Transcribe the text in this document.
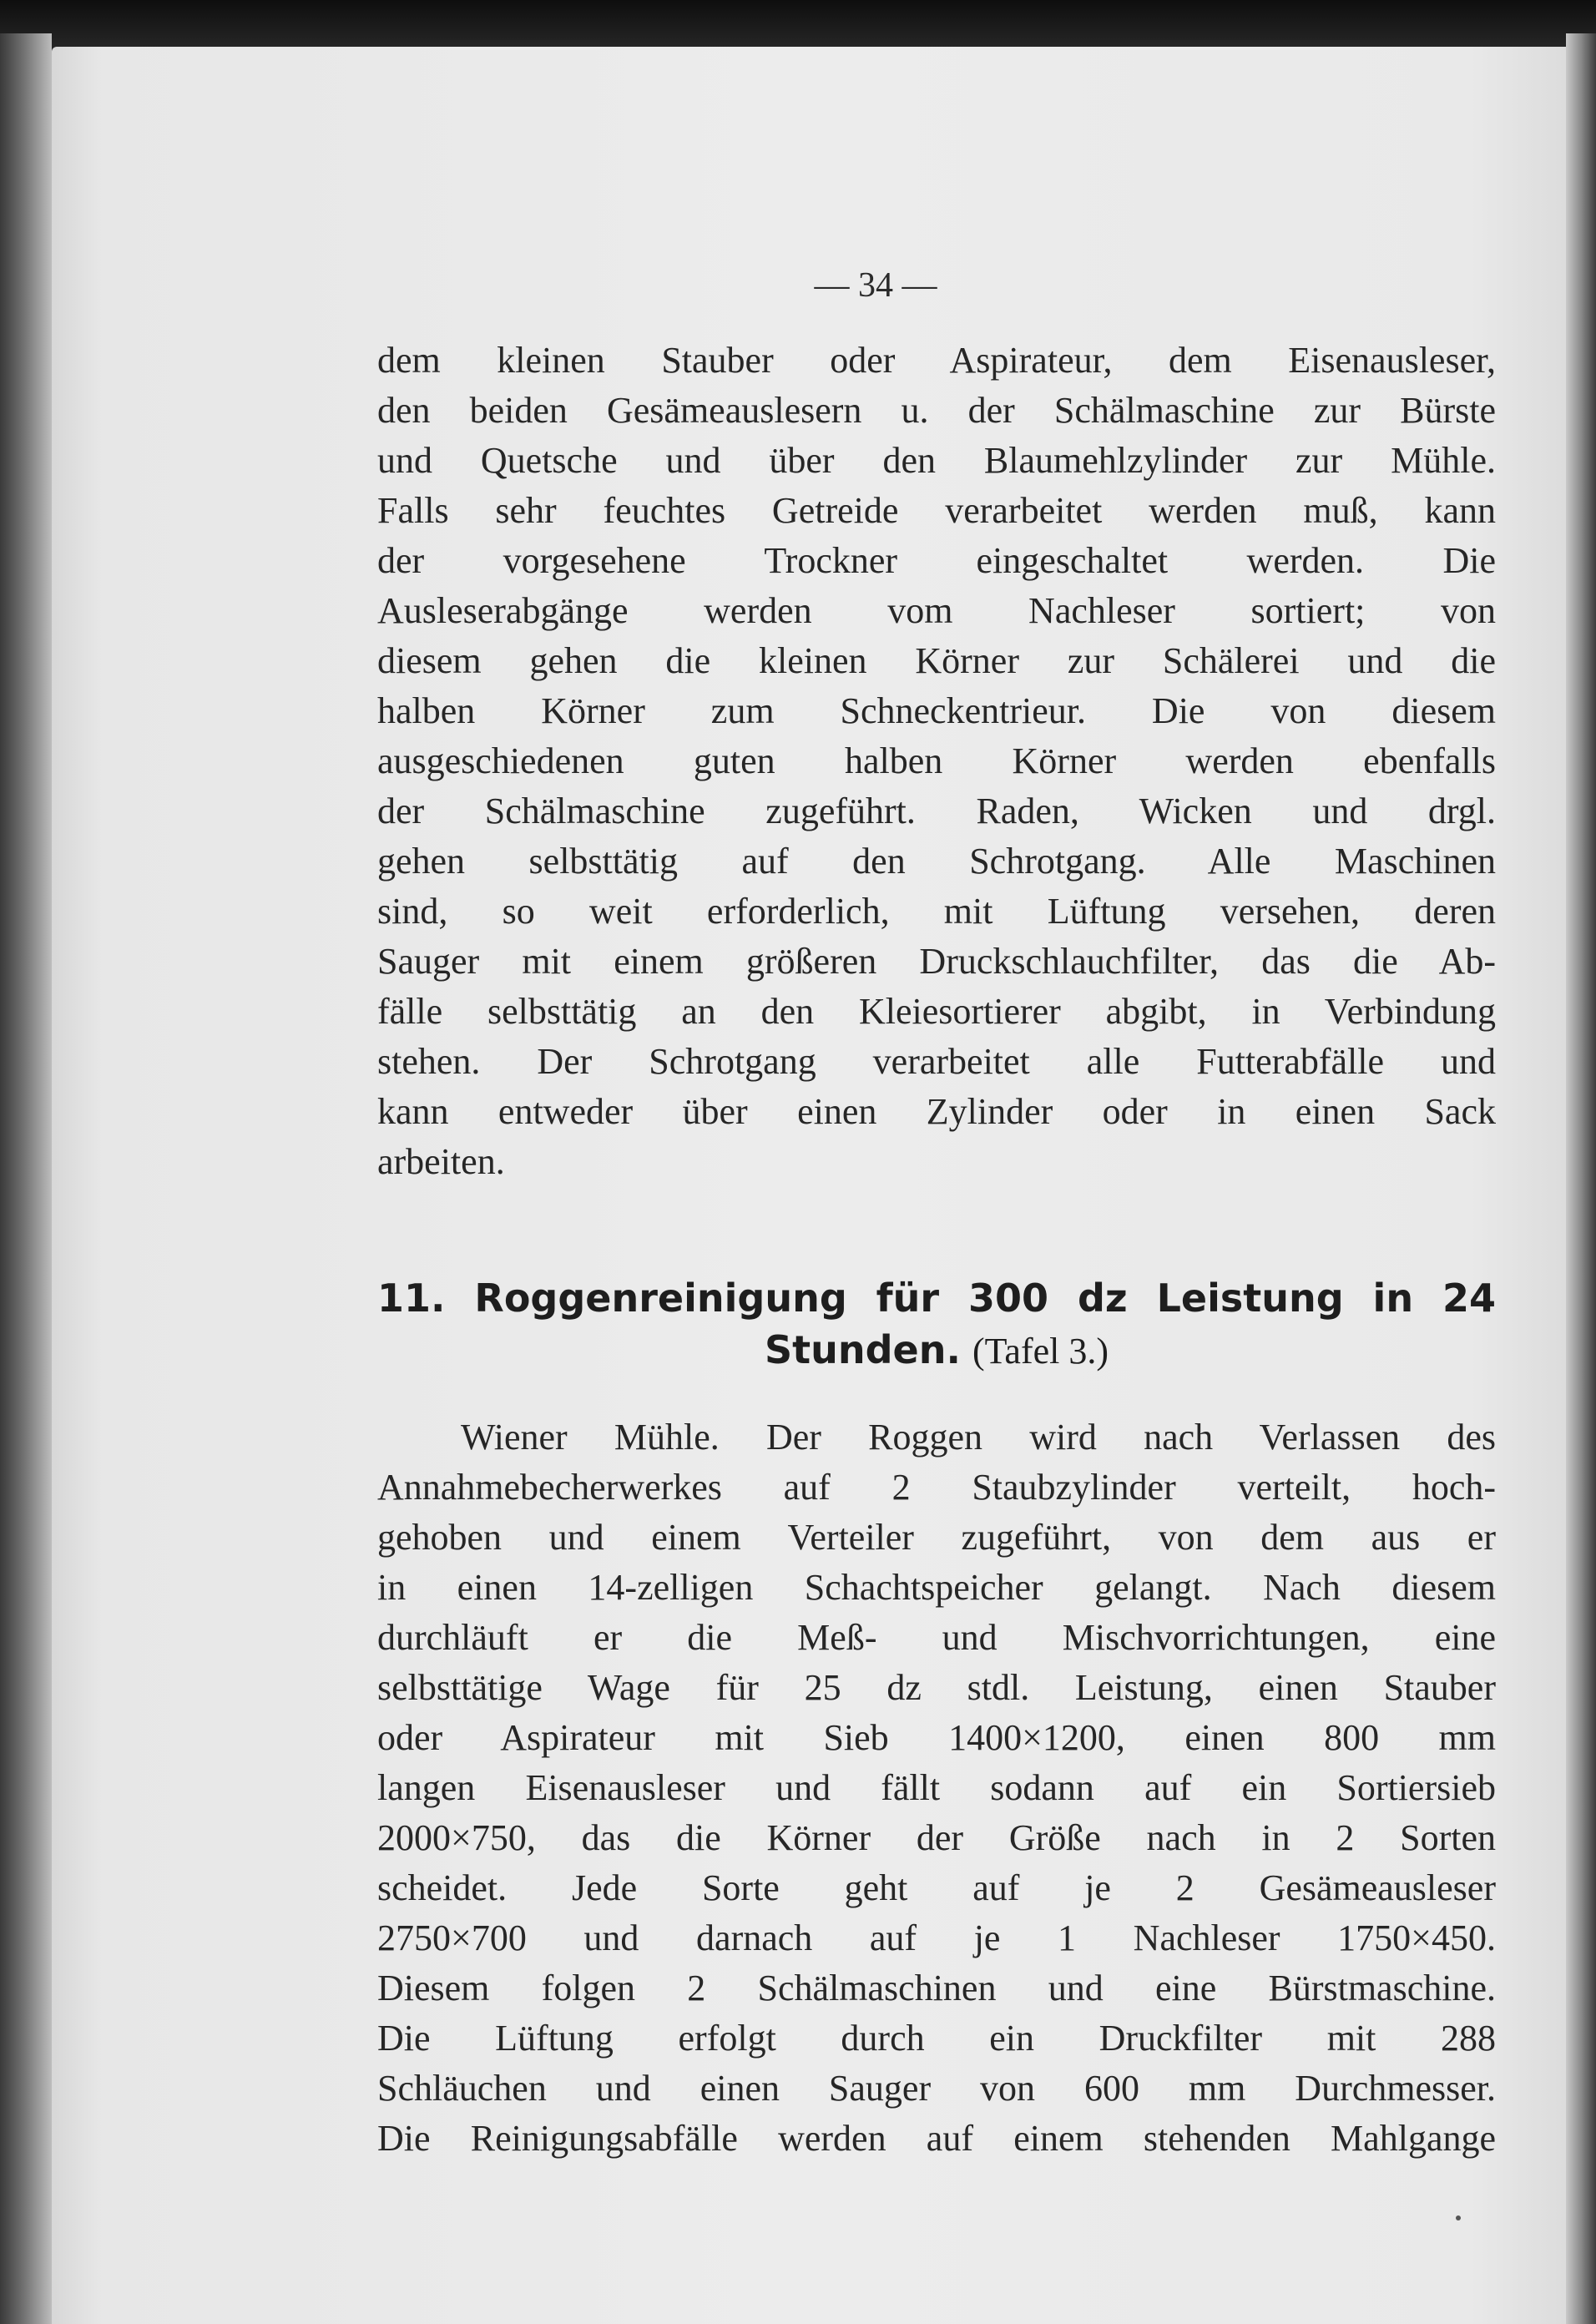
— 34 —
dem kleinen Stauber oder Aspirateur, dem Eisenausleser,
den beiden Gesämeauslesern u. der Schälmaschine zur Bürste
und Quetsche und über den Blaumehlzylinder zur Mühle.
Falls sehr feuchtes Getreide verarbeitet werden muß, kann
der vorgesehene Trockner eingeschaltet werden. Die
Ausleserabgänge werden vom Nachleser sortiert; von
diesem gehen die kleinen Körner zur Schälerei und die
halben Körner zum Schneckentrieur. Die von diesem
ausgeschiedenen guten halben Körner werden ebenfalls
der Schälmaschine zugeführt. Raden, Wicken und drgl.
gehen selbsttätig auf den Schrotgang. Alle Maschinen
sind, so weit erforderlich, mit Lüftung versehen, deren
Sauger mit einem größeren Druckschlauchfilter, das die Ab-
fälle selbsttätig an den Kleiesortierer abgibt, in Verbindung
stehen. Der Schrotgang verarbeitet alle Futterabfälle und
kann entweder über einen Zylinder oder in einen Sack
arbeiten.
11. Roggenreinigung für 300 dz Leistung in 24
Stunden. (Tafel 3.)
Wiener Mühle. Der Roggen wird nach Verlassen des
Annahmebecherwerkes auf 2 Staubzylinder verteilt, hoch-
gehoben und einem Verteiler zugeführt, von dem aus er
in einen 14-zelligen Schachtspeicher gelangt. Nach diesem
durchläuft er die Meß- und Mischvorrichtungen, eine
selbsttätige Wage für 25 dz stdl. Leistung, einen Stauber
oder Aspirateur mit Sieb 1400×1200, einen 800 mm
langen Eisenausleser und fällt sodann auf ein Sortiersieb
2000×750, das die Körner der Größe nach in 2 Sorten
scheidet. Jede Sorte geht auf je 2 Gesämeausleser
2750×700 und darnach auf je 1 Nachleser 1750×450.
Diesem folgen 2 Schälmaschinen und eine Bürstmaschine.
Die Lüftung erfolgt durch ein Druckfilter mit 288
Schläuchen und einen Sauger von 600 mm Durchmesser.
Die Reinigungsabfälle werden auf einem stehenden Mahlgange
